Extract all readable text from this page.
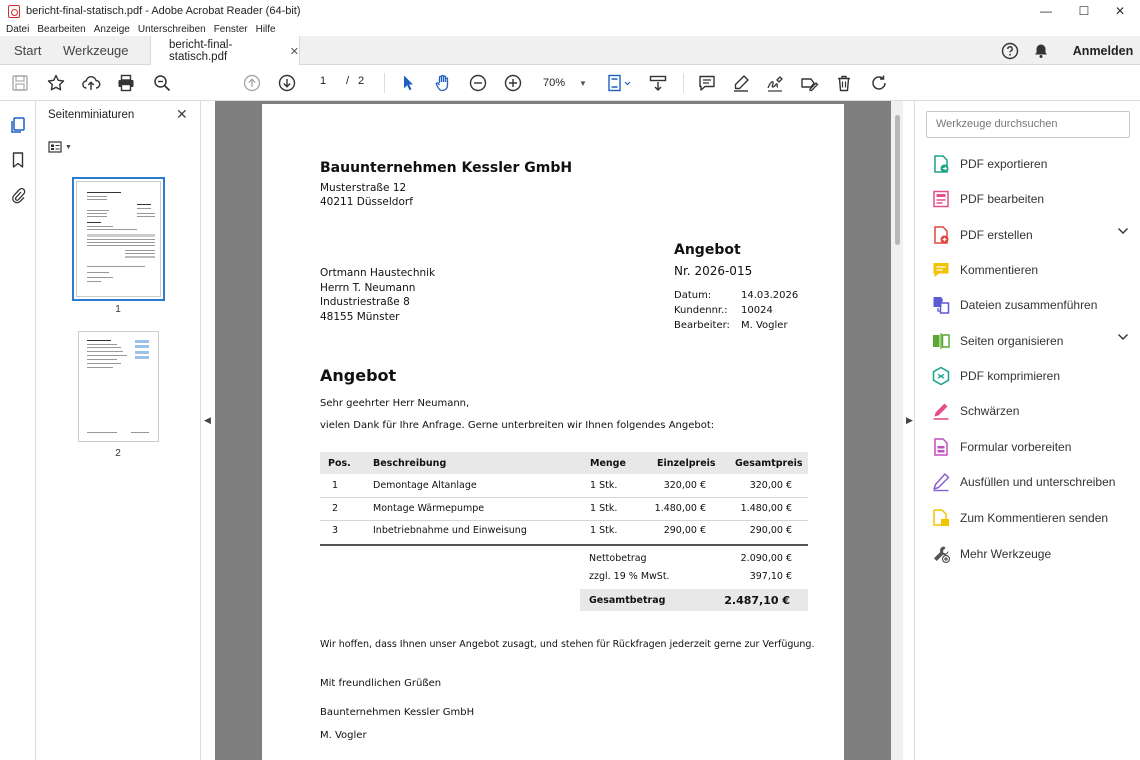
bericht-final-statisch.pdf - Adobe Acrobat Reader (64-bit)	—	☐	✕
Datei Bearbeiten Anzeige Unterschreiben Fenster Hilfe
Start Werkzeuge	bericht-final-statisch.pdf	✕	Anmelden
1 / 2	70% ▼
Seitenminiaturen	✕
▼
1
2
◀	▶
Bauunternehmen Kessler GmbH
Musterstraße 12
40211 Düsseldorf
Ortmann Haustechnik
Herrn T. Neumann
Industriestraße 8
48155 Münster
Angebot
Nr. 2026-015
Datum:	14.03.2026
Kundennr.: 10024
Bearbeiter: M. Vogler
Angebot
Sehr geehrter Herr Neumann,
vielen Dank für Ihre Anfrage. Gerne unterbreiten wir Ihnen folgendes Angebot:
Pos. Beschreibung	Menge	Einzelpreis Gesamtpreis
1	Demontage Altanlage	1 Stk.	320,00 €	320,00 €
2	Montage Wärmepumpe	1 Stk.	1.480,00 €	1.480,00 €
3	Inbetriebnahme und Einweisung	1 Stk.	290,00 €	290,00 €
Nettobetrag	2.090,00 €
zzgl. 19 % MwSt.	397,10 €
Gesamtbetrag	2.487,10 €
Wir hoffen, dass Ihnen unser Angebot zusagt, und stehen für Rückfragen jederzeit gerne zur Verfügung.
Mit freundlichen Grüßen
Baunternehmen Kessler GmbH
M. Vogler
Werkzeuge durchsuchen
PDF exportieren
PDF bearbeiten
PDF erstellen
Kommentieren
Dateien zusammenführen
Seiten organisieren
PDF komprimieren
Schwärzen
Formular vorbereiten
Ausfüllen und unterschreiben
Zum Kommentieren senden
Mehr Werkzeuge
